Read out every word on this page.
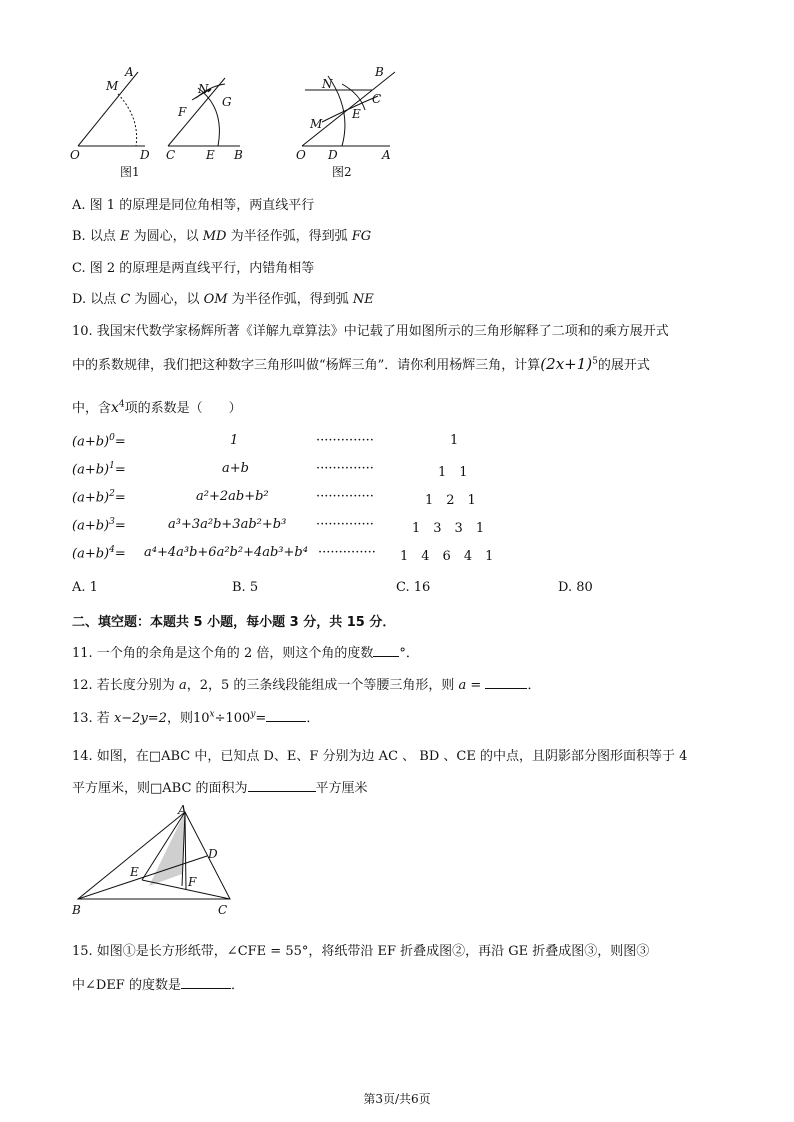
A
M	N
G
F
O	D C	E B
N
B
C
E
M
O D	A
图1	图2
A. 图 1 的原理是同位角相等，两直线平行
B. 以点 E 为圆心，以 MD 为半径作弧，得到弧 FG
C. 图 2 的原理是两直线平行，内错角相等
D. 以点 C 为圆心，以 OM 为半径作弧，得到弧 NE
10. 我国宋代数学家杨辉所著《详解九章算法》中记载了用如图所示的三角形解释了二项和的乘方展开式
中的系数规律，我们把这种数字三角形叫做“杨辉三角”．请你利用杨辉三角，计算$(2x+1)^5$的展开式
中，含$x^4$项的系数是（　　）
$(a+b)^0=$	1	··············	1
$(a+b)^1=$	a+b	··············	1　1
$(a+b)^2=$	a²+2ab+b²	··············	1　2　1
$(a+b)^3=$	a³+3a²b+3ab²+b³ ··············	1　3　3　1
$(a+b)^4= a^4+4a^3b+6a^2b^2+4ab^3+b^4$ ·············· 1　4　6　4　1
A. 1	B. 5	C. 16	D. 80
二、填空题：本题共 5 小题，每小题 3 分，共 15 分．
11. 一个角的余角是这个角的 2 倍，则这个角的度数 °．
12. 若长度分别为 a，2，5 的三条线段能组成一个等腰三角形，则 a =	．
13. 若 x−2y=2，则$10^x\div 100^y=$	．
14. 如图，在□ABC 中，已知点 D、E、F 分别为边 AC 、 BD 、CE 的中点，且阴影部分图形面积等于 4
平方厘米，则□ABC 的面积为	平方厘米
A
D
E
F
B	C
15. 如图①是长方形纸带，∠CFE = 55°，将纸带沿 EF 折叠成图②，再沿 GE 折叠成图③，则图③
中∠DEF 的度数是	．
第3页/共6页
